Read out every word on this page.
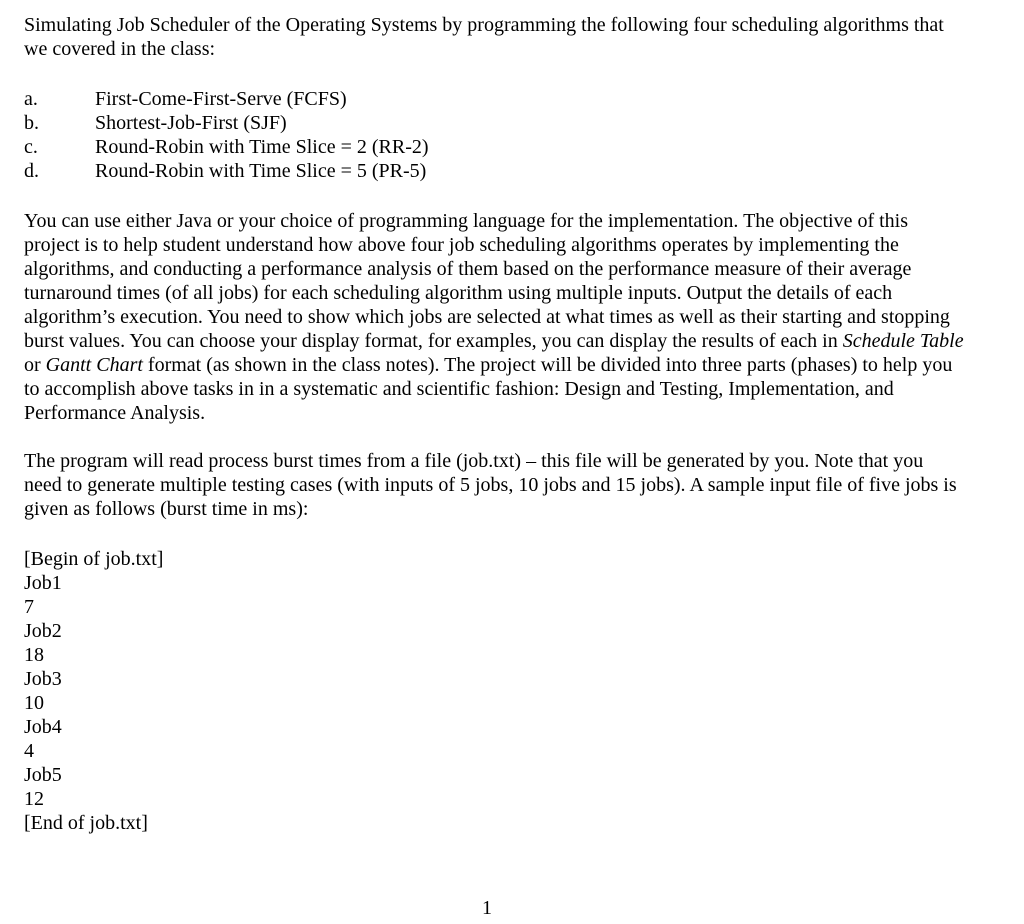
Simulating Job Scheduler of the Operating Systems by programming the following four scheduling algorithms that we covered in the class:

a.	First-Come-First-Serve (FCFS)
b.	Shortest-Job-First (SJF)
c.	Round-Robin with Time Slice = 2 (RR-2)
d.	Round-Robin with Time Slice = 5 (PR-5)

You can use either Java or your choice of programming language for the implementation. The objective of this project is to help student understand how above four job scheduling algorithms operates by implementing the algorithms, and conducting a performance analysis of them based on the performance measure of their average turnaround times (of all jobs) for each scheduling algorithm using multiple inputs. Output the details of each algorithm’s execution. You need to show which jobs are selected at what times as well as their starting and stopping burst values. You can choose your display format, for examples, you can display the results of each in Schedule Table or Gantt Chart format (as shown in the class notes). The project will be divided into three parts (phases) to help you to accomplish above tasks in in a systematic and scientific fashion: Design and Testing, Implementation, and Performance Analysis.

The program will read process burst times from a file (job.txt) – this file will be generated by you. Note that you need to generate multiple testing cases (with inputs of 5 jobs, 10 jobs and 15 jobs). A sample input file of five jobs is given as follows (burst time in ms):

[Begin of job.txt]
Job1
7
Job2
18
Job3
10
Job4
4
Job5
12
[End of job.txt]
1
